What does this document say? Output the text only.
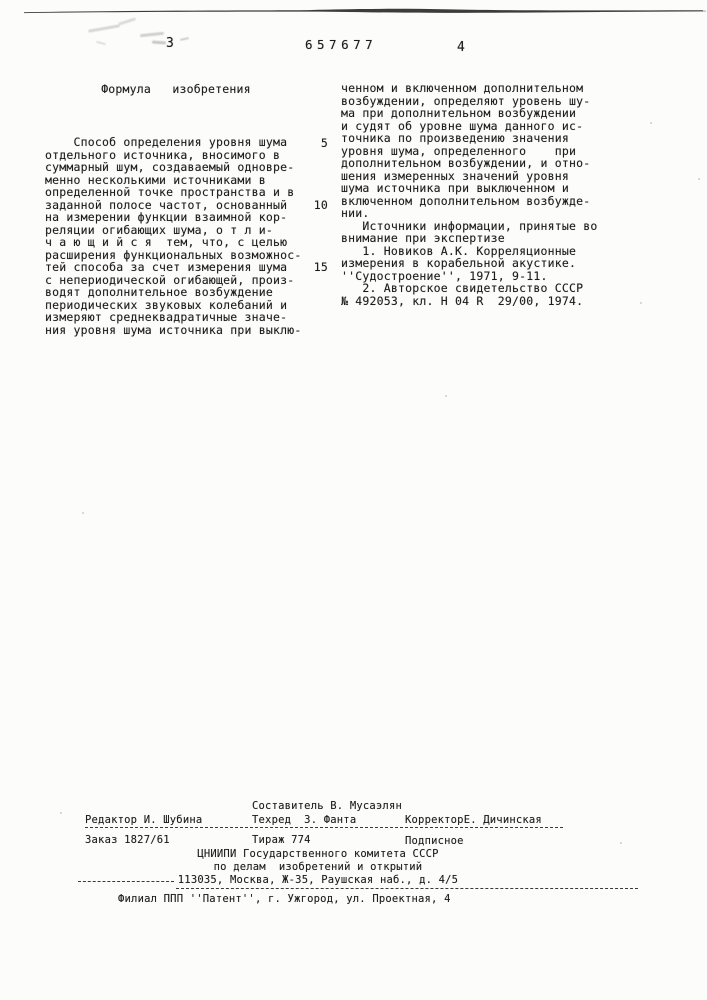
3	657677	4

Формула   изобретения

Способ определения уровня шума
отдельного источника, вносимого в
суммарный шум, создаваемый одновре-
менно несколькими источниками в
определенной точке пространства и в
заданной полосе частот, основанный
на измерении функции взаимной кор-
реляции огибающих шума, о т л и-
ч а ю щ и й с я  тем, что, с целью
расширения функциональных возможнос-
тей способа за счет измерения шума
с непериодической огибающей, произ-
водят дополнительное возбуждение
периодических звуковых колебаний и
измеряют среднеквадратичные значе-
ния уровня шума источника при выклю-

5
10
15

ченном и включенном дополнительном
возбуждении, определяют уровень шу-
ма при дополнительном возбуждении
и судят об уровне шума данного ис-
точника по произведению значения
уровня шума, определенного    при
дополнительном возбуждении, и отно-
шения измеренных значений уровня
шума источника при выключенном и
включенном дополнительном возбужде-
нии.
Источники информации, принятые во
внимание при экспертизе
1. Новиков А.К. Корреляционные
измерения в корабельной акустике.
''Судостроение'', 1971, 9-11.
2. Авторское свидетельство СССР
№ 492053, кл. Н 04 R  29/00, 1974.

Составитель В. Мусаэлян
Редактор И. Шубина	Техред  З. Фанта	КорректорЕ. Дичинская
Заказ 1827/61	Тираж 774	Подписное
ЦНИИПИ Государственного комитета СССР
по делам  изобретений и открытий
113035, Москва, Ж-35, Раушская наб., д. 4/5
Филиал ППП ''Патент'', г. Ужгород, ул. Проектная, 4
